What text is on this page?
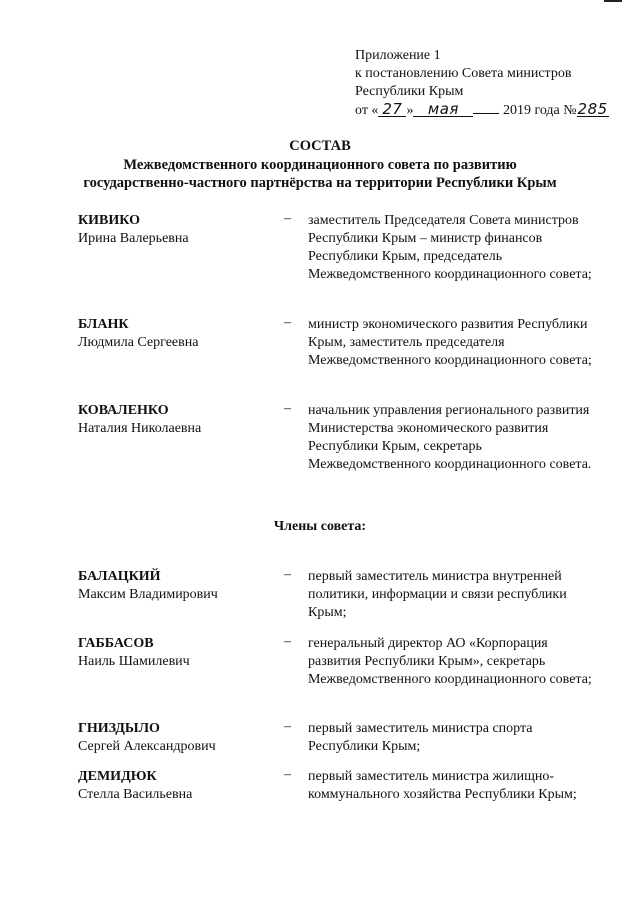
Приложение 1
к постановлению Совета министров
Республики Крым
от « 27 » мая	2019 года №285
СОСТАВ
Межведомственного координационного совета по развитию
государственно-частного партнёрства на территории Республики Крым
КИВИКО
Ирина Валерьевна
– заместитель Председателя Совета министров Республики Крым – министр финансов Республики Крым, председатель Межведомственного координационного совета;
БЛАНК
Людмила Сергеевна
– министр экономического развития Республики Крым, заместитель председателя Межведомственного координационного совета;
КОВАЛЕНКО
Наталия Николаевна
– начальник управления регионального развития Министерства экономического развития Республики Крым, секретарь Межведомственного координационного совета.
Члены совета:
БАЛАЦКИЙ
Максим Владимирович
– первый заместитель министра внутренней политики, информации и связи республики Крым;
ГАББАСОВ
Наиль Шамилевич
– генеральный директор АО «Корпорация развития Республики Крым», секретарь Межведомственного координационного совета;
ГНИЗДЫЛО
Сергей Александрович
– первый заместитель министра спорта Республики Крым;
ДЕМИДЮК
Стелла Васильевна
– первый заместитель министра жилищно-коммунального хозяйства Республики Крым;
